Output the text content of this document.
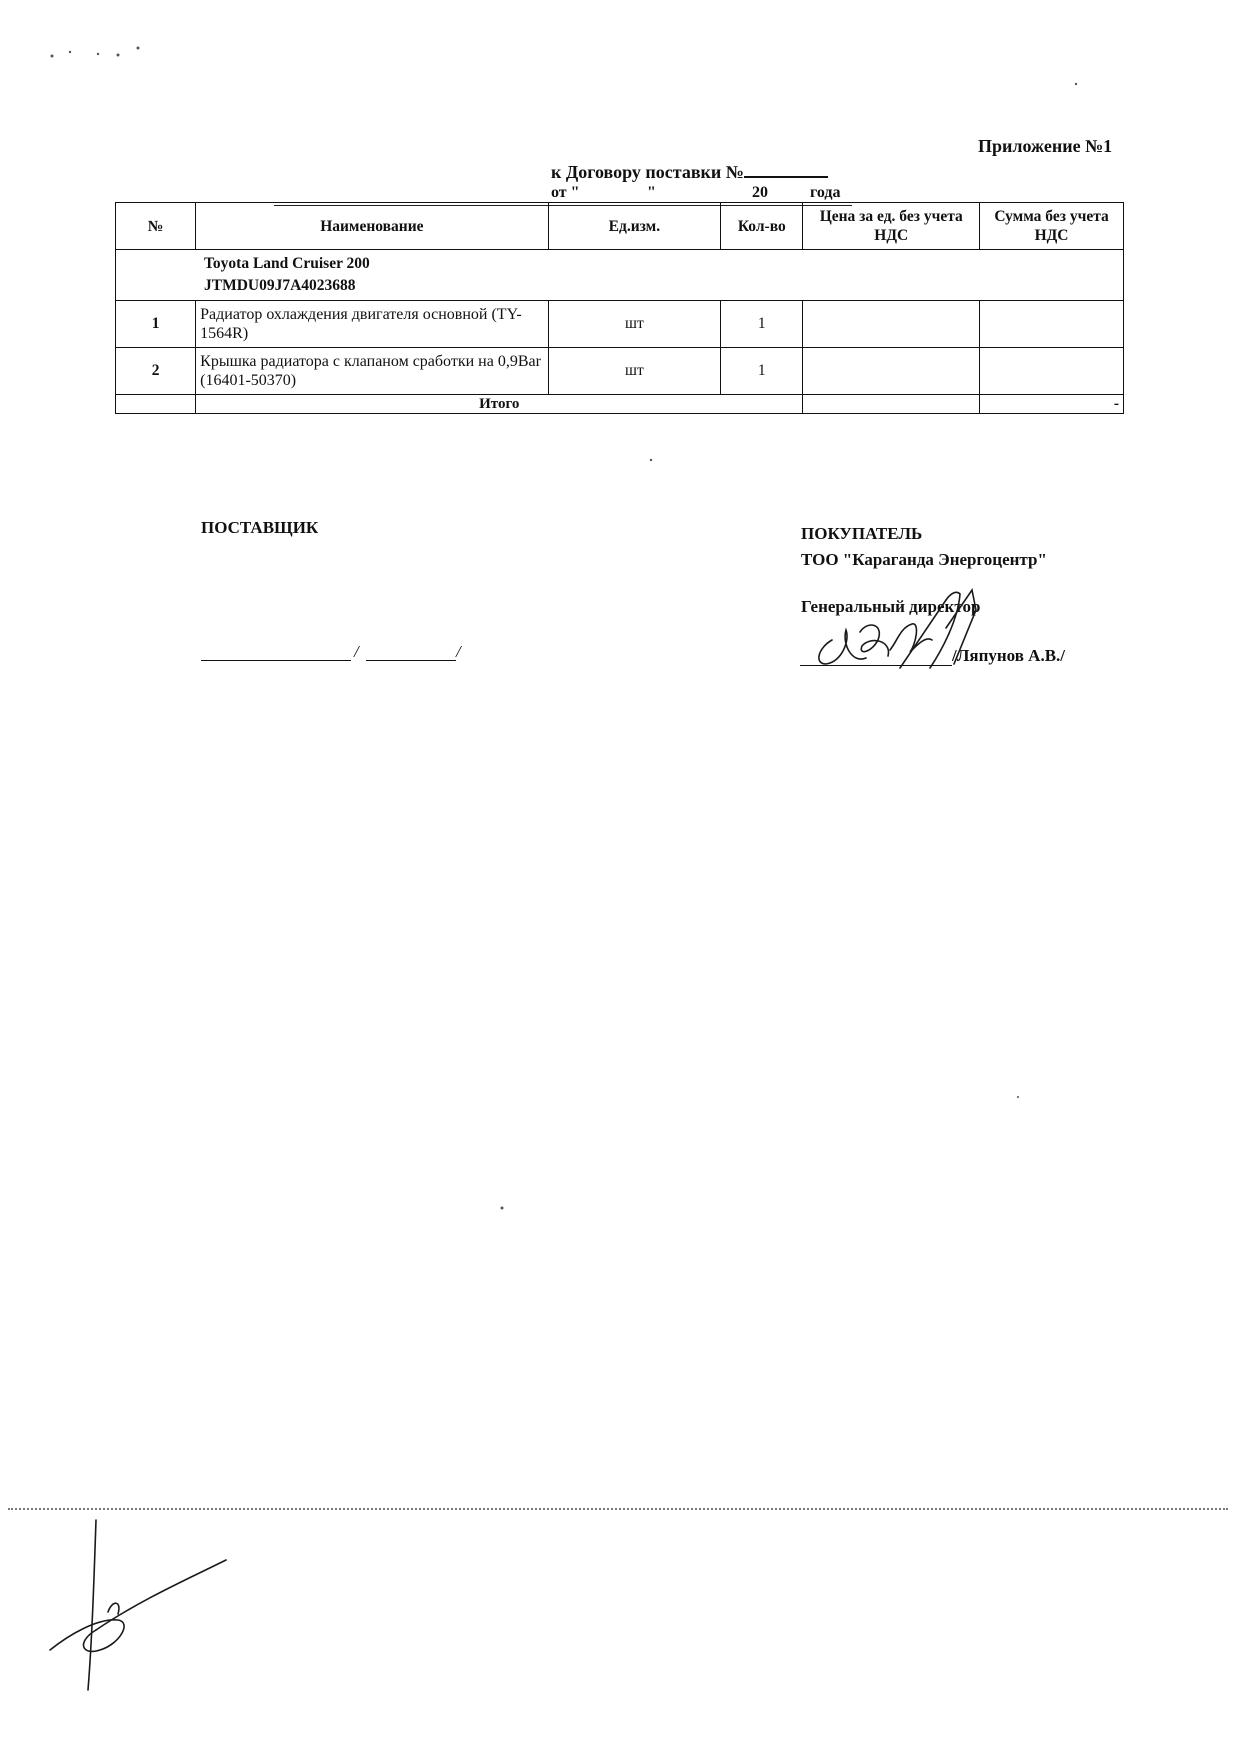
Приложение №1
к Договору поставки №
от "	"	20	года
№	Наименование	Ед.изм.	Кол-во	Цена за ед. без учета НДС	Сумма без учета НДС

Toyota Land Cruiser 200
JTMDU09J7A4023688					

1	Радиатор охлаждения двигателя основной (TY-1564R)	шт	1		
2	Крышка радиатора с клапаном сработки на 0,9Bar (16401-50370)	шт	1		
	Итого				-
ПОСТАВЩИК
/	/
ПОКУПАТЕЛЬ
ТОО "Караганда Энергоцентр"
Генеральный директор
/Ляпунов А.В./
